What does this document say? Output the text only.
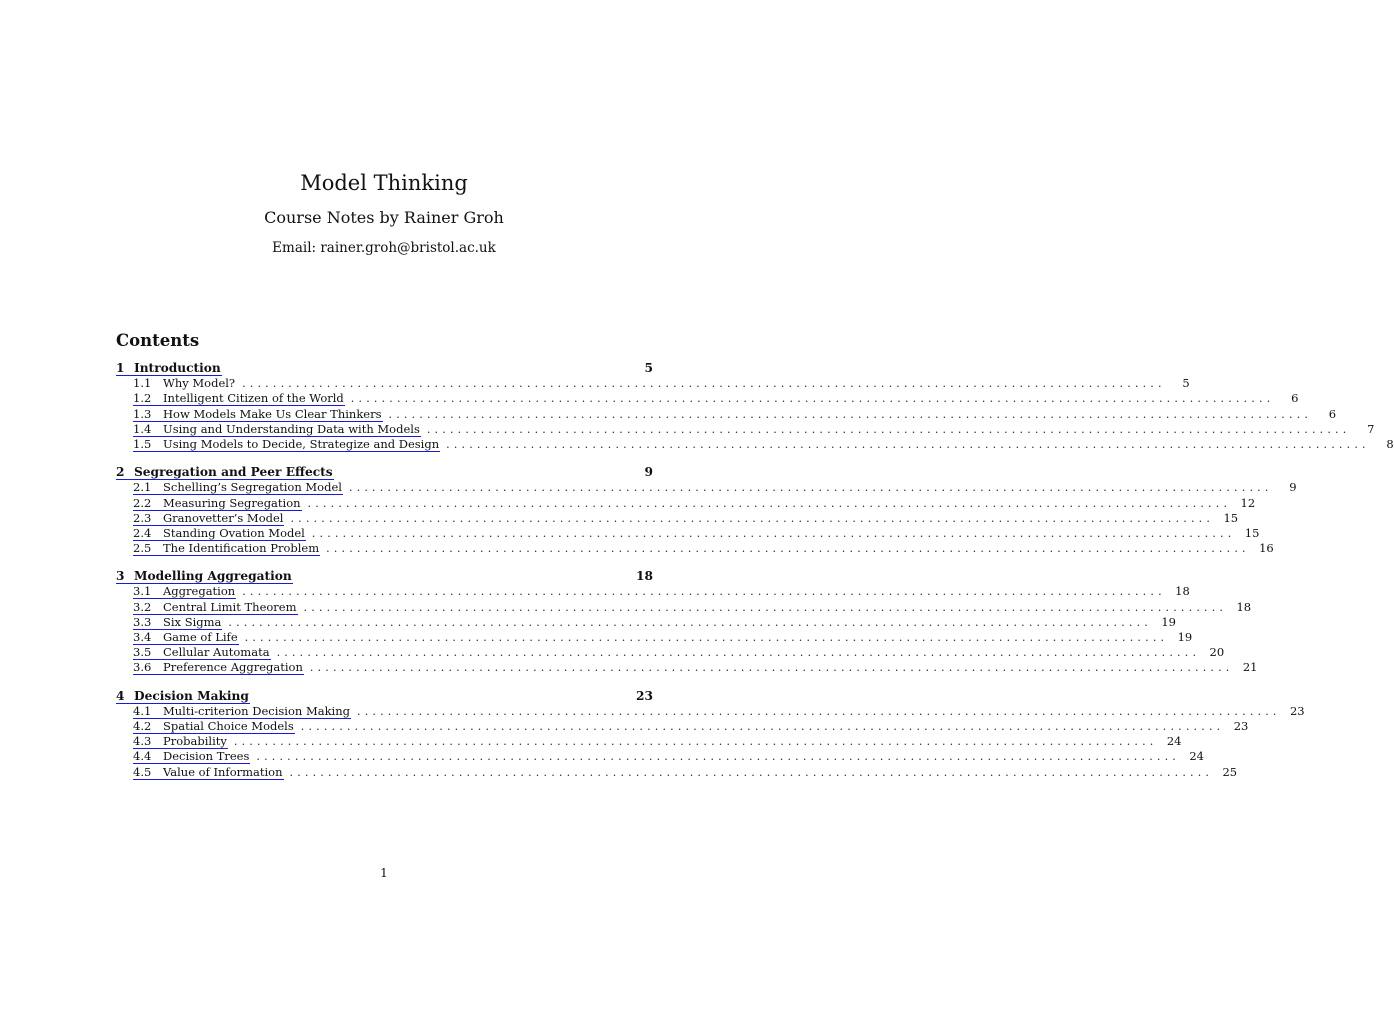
Model Thinking
Course Notes by Rainer Groh
Email: rainer.groh@bristol.ac.uk
Contents
1 Introduction	5
1.1 Why Model? ........................................................................................................................	5
1.2 Intelligent Citizen of the World ........................................................................................................................	6
1.3 How Models Make Us Clear Thinkers ........................................................................................................................	6
1.4 Using and Understanding Data with Models ........................................................................................................................	7
1.5 Using Models to Decide, Strategize and Design ........................................................................................................................	8
2 Segregation and Peer Effects	9
2.1 Schelling’s Segregation Model ........................................................................................................................	9
2.2 Measuring Segregation ........................................................................................................................ 12
2.3 Granovetter’s Model ........................................................................................................................ 15
2.4 Standing Ovation Model ........................................................................................................................ 15
2.5 The Identification Problem ........................................................................................................................ 16
3 Modelling Aggregation	18
3.1 Aggregation ........................................................................................................................ 18
3.2 Central Limit Theorem ........................................................................................................................ 18
3.3 Six Sigma ........................................................................................................................ 19
3.4 Game of Life ........................................................................................................................ 19
3.5 Cellular Automata ........................................................................................................................ 20
3.6 Preference Aggregation ........................................................................................................................ 21
4 Decision Making	23
4.1 Multi-criterion Decision Making ........................................................................................................................ 23
4.2 Spatial Choice Models ........................................................................................................................ 23
4.3 Probability ........................................................................................................................ 24
4.4 Decision Trees ........................................................................................................................ 24
4.5 Value of Information ........................................................................................................................ 25
1
